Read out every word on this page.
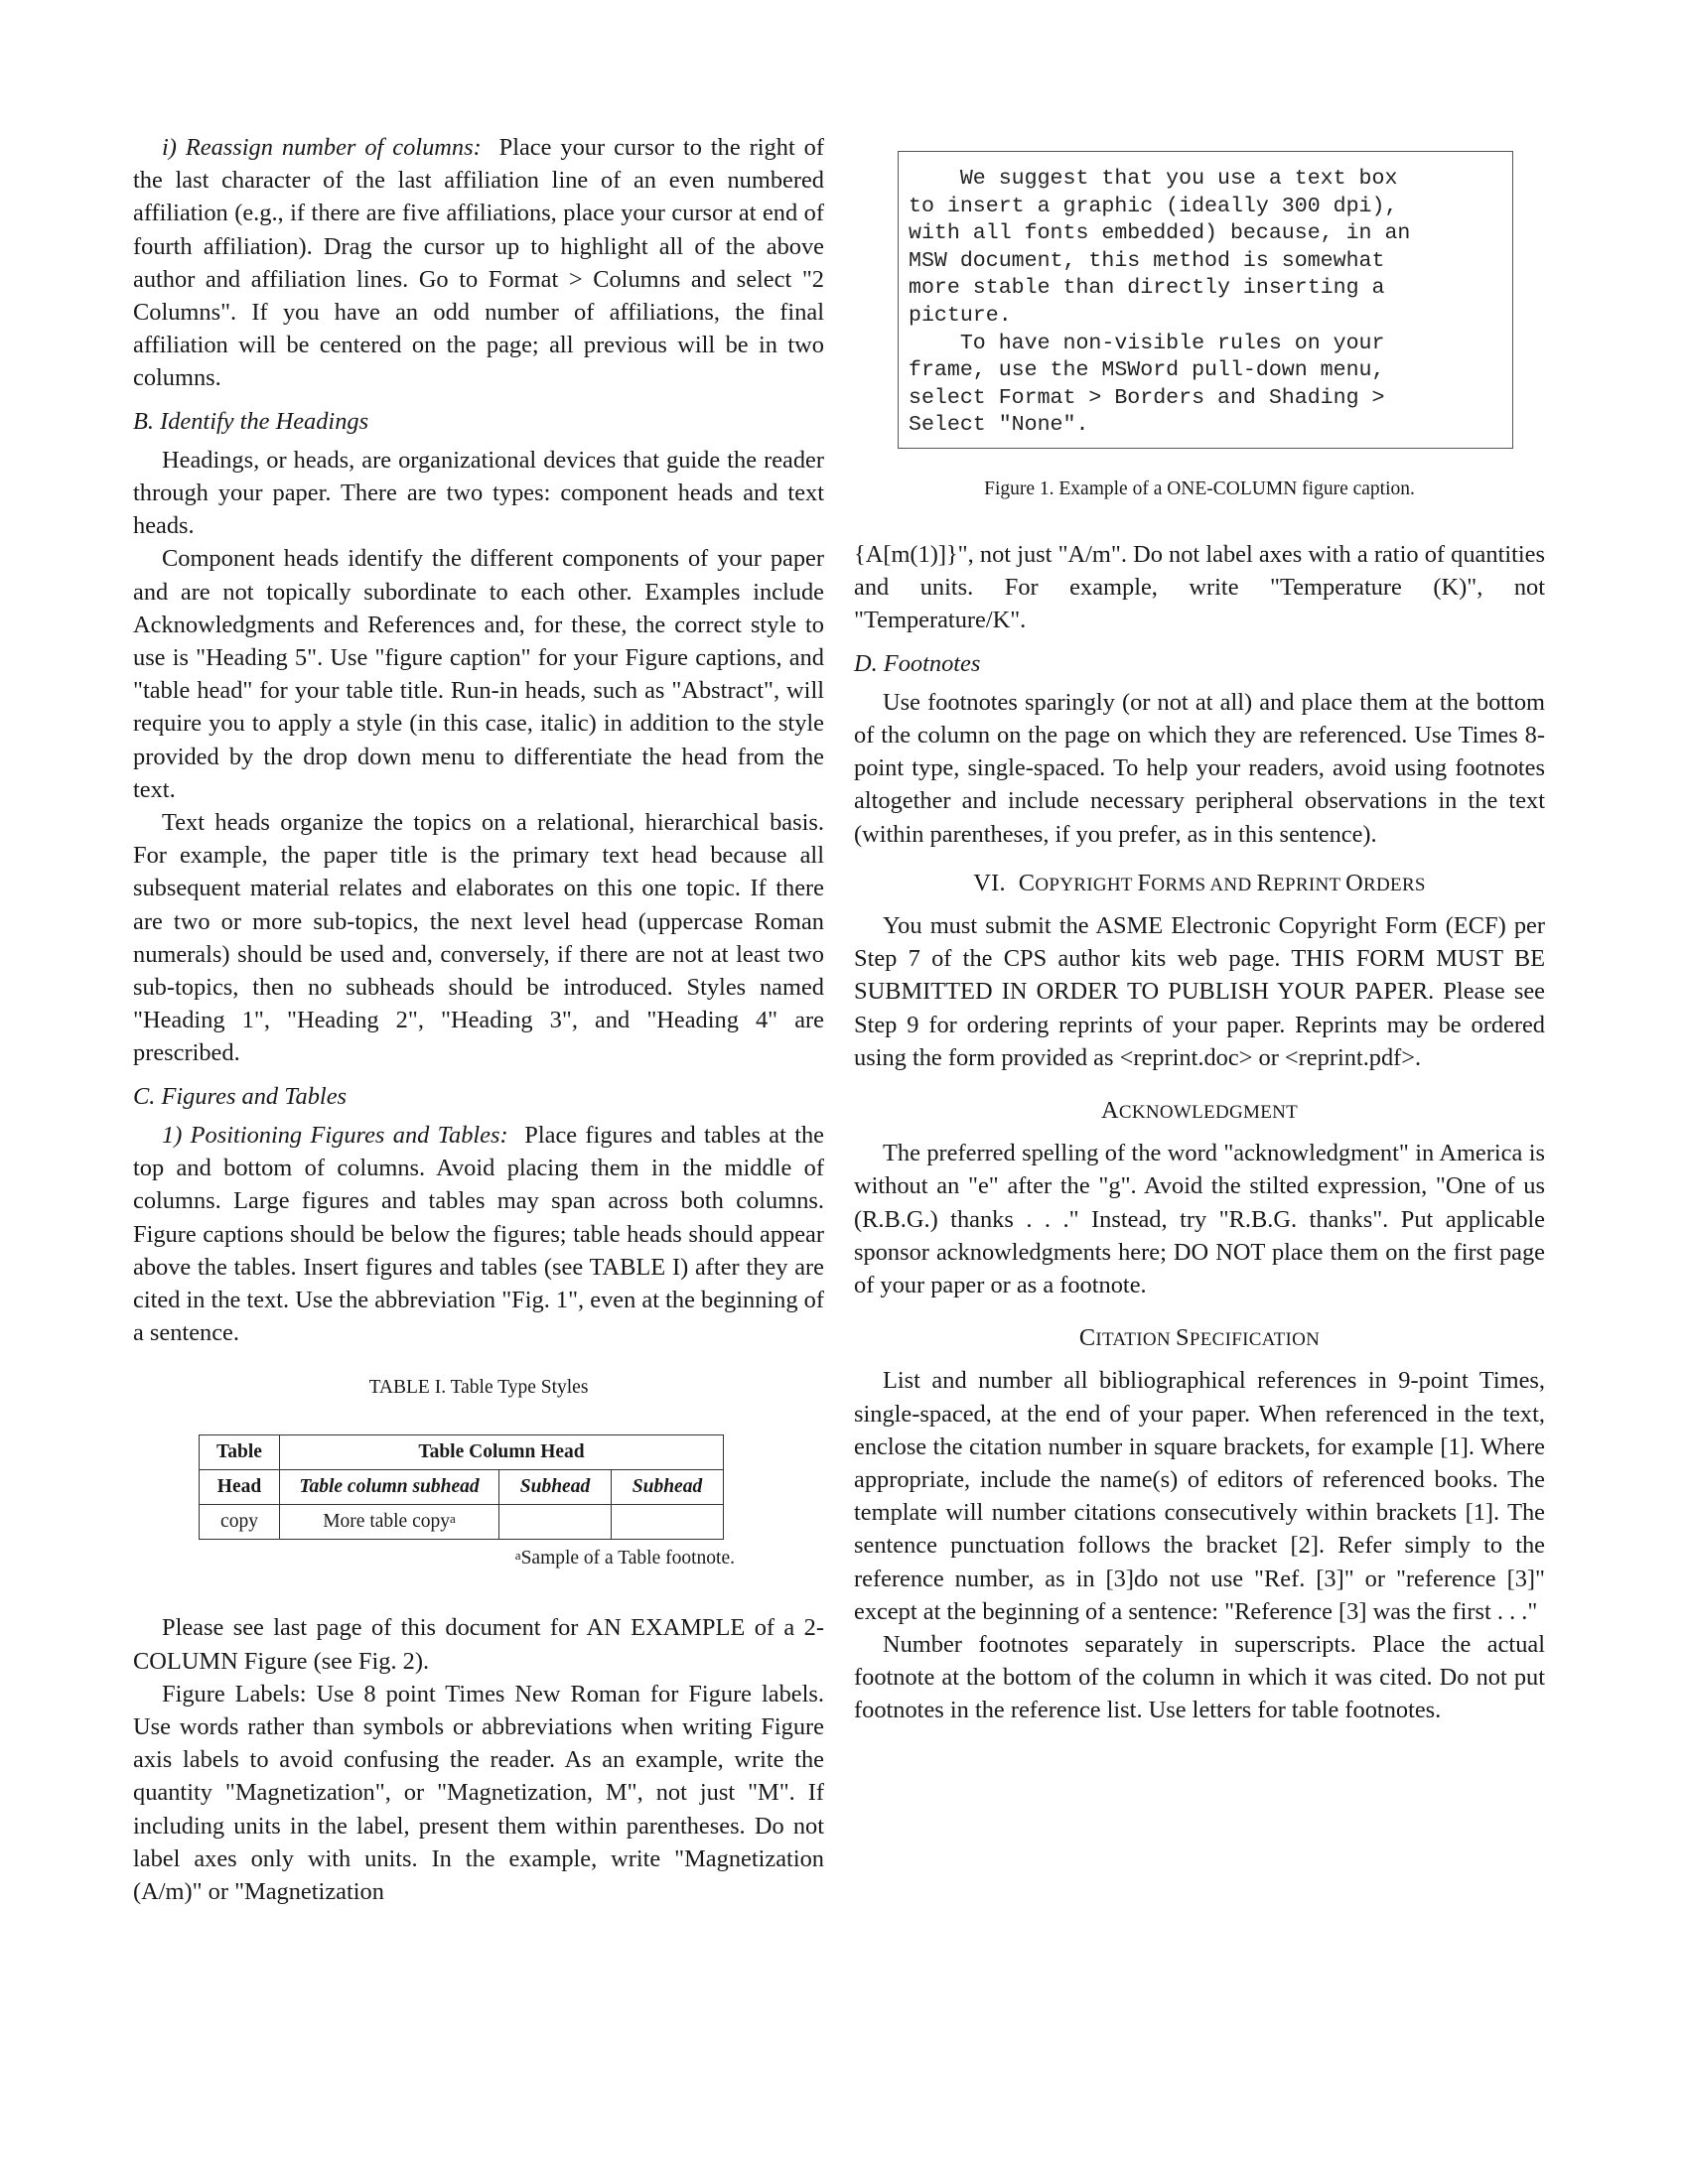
i) Reassign number of columns: Place your cursor to the right of the last character of the last affiliation line of an even numbered affiliation (e.g., if there are five affiliations, place your cursor at end of fourth affiliation). Drag the cursor up to highlight all of the above author and affiliation lines. Go to Format > Columns and select "2 Columns". If you have an odd number of affiliations, the final affiliation will be centered on the page; all previous will be in two columns.

B. Identify the Headings

Headings, or heads, are organizational devices that guide the reader through your paper. There are two types: component heads and text heads.

Component heads identify the different components of your paper and are not topically subordinate to each other. Examples include Acknowledgments and References and, for these, the correct style to use is "Heading 5". Use "figure caption" for your Figure captions, and "table head" for your table title. Run-in heads, such as "Abstract", will require you to apply a style (in this case, italic) in addition to the style provided by the drop down menu to differentiate the head from the text.

Text heads organize the topics on a relational, hierarchical basis. For example, the paper title is the primary text head because all subsequent material relates and elaborates on this one topic. If there are two or more sub-topics, the next level head (uppercase Roman numerals) should be used and, conversely, if there are not at least two sub-topics, then no subheads should be introduced. Styles named "Heading 1", "Heading 2", "Heading 3", and "Heading 4" are prescribed.

C. Figures and Tables

1) Positioning Figures and Tables: Place figures and tables at the top and bottom of columns. Avoid placing them in the middle of columns. Large figures and tables may span across both columns. Figure captions should be below the figures; table heads should appear above the tables. Insert figures and tables (see TABLE I) after they are cited in the text. Use the abbreviation "Fig. 1", even at the beginning of a sentence.

TABLE I. Table Type Styles
Table	Table Column Head		
Head	Table column subhead	Subhead	Subhead
copy	More table copy$^a$		
$^a$Sample of a Table footnote.

Please see last page of this document for AN EXAMPLE of a 2-COLUMN Figure (see Fig. 2).

Figure Labels: Use 8 point Times New Roman for Figure labels. Use words rather than symbols or abbreviations when writing Figure axis labels to avoid confusing the reader. As an example, write the quantity "Magnetization", or "Magnetization, M", not just "M". If including units in the label, present them within parentheses. Do not label axes only with units. In the example, write "Magnetization (A/m)" or "Magnetization

We suggest that you use a text box
to insert a graphic (ideally 300 dpi),
with all fonts embedded) because, in an
MSW document, this method is somewhat
more stable than directly inserting a
picture.
To have non-visible rules on your
frame, use the MSWord pull-down menu,
select Format > Borders and Shading >
Select "None".
Figure 1. Example of a ONE-COLUMN figure caption.

{A[m(1)]}", not just "A/m". Do not label axes with a ratio of quantities and units. For example, write "Temperature (K)", not "Temperature/K".

D. Footnotes

Use footnotes sparingly (or not at all) and place them at the bottom of the column on the page on which they are referenced. Use Times 8-point type, single-spaced. To help your readers, avoid using footnotes altogether and include necessary peripheral observations in the text (within parentheses, if you prefer, as in this sentence).

VI. COPYRIGHT FORMS AND REPRINT ORDERS

You must submit the ASME Electronic Copyright Form (ECF) per Step 7 of the CPS author kits web page. THIS FORM MUST BE SUBMITTED IN ORDER TO PUBLISH YOUR PAPER. Please see Step 9 for ordering reprints of your paper. Reprints may be ordered using the form provided as <reprint.doc> or <reprint.pdf>.

ACKNOWLEDGMENT

The preferred spelling of the word "acknowledgment" in America is without an "e" after the "g". Avoid the stilted expression, "One of us (R.B.G.) thanks . . ." Instead, try "R.B.G. thanks". Put applicable sponsor acknowledgments here; DO NOT place them on the first page of your paper or as a footnote.

CITATION SPECIFICATION

List and number all bibliographical references in 9-point Times, single-spaced, at the end of your paper. When referenced in the text, enclose the citation number in square brackets, for example [1]. Where appropriate, include the name(s) of editors of referenced books. The template will number citations consecutively within brackets [1]. The sentence punctuation follows the bracket [2]. Refer simply to the reference number, as in [3]do not use "Ref. [3]" or "reference [3]" except at the beginning of a sentence: "Reference [3] was the first . . ."

Number footnotes separately in superscripts. Place the actual footnote at the bottom of the column in which it was cited. Do not put footnotes in the reference list. Use letters for table footnotes.
